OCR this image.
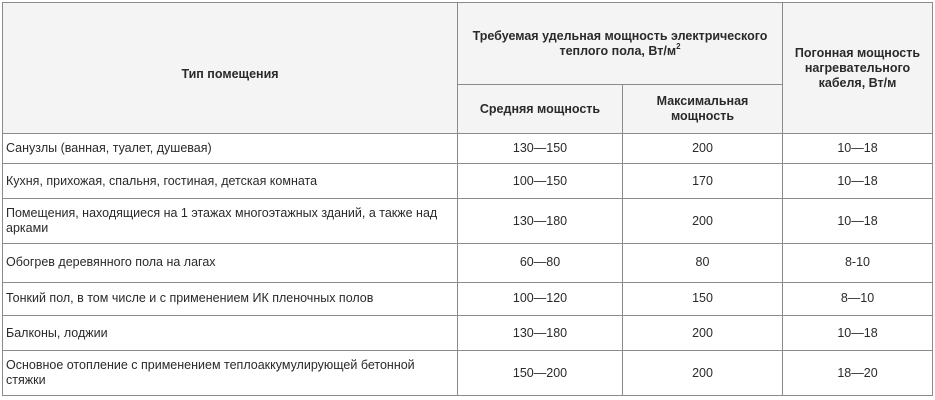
Тип помещения	Требуемая удельная мощность электрического теплого пола, $Вт/м^2$		Погонная мощность нагревательного кабеля, Вт/м
	Средняя мощность	Максимальная мощность	
Санузлы (ванная, туалет, душевая)	130—150	200	10—18
Кухня, прихожая, спальня, гостиная, детская комната	100—150	170	10—18
Помещения, находящиеся на 1 этажах многоэтажных зданий, а также над арками	130—180	200	10—18
Обогрев деревянного пола на лагах	60—80	80	8-10
Тонкий пол, в том числе и с применением ИК пленочных полов	100—120	150	8—10
Балконы, лоджии	130—180	200	10—18
Основное отопление с применением теплоаккумулирующей бетонной стяжки	150—200	200	18—20
